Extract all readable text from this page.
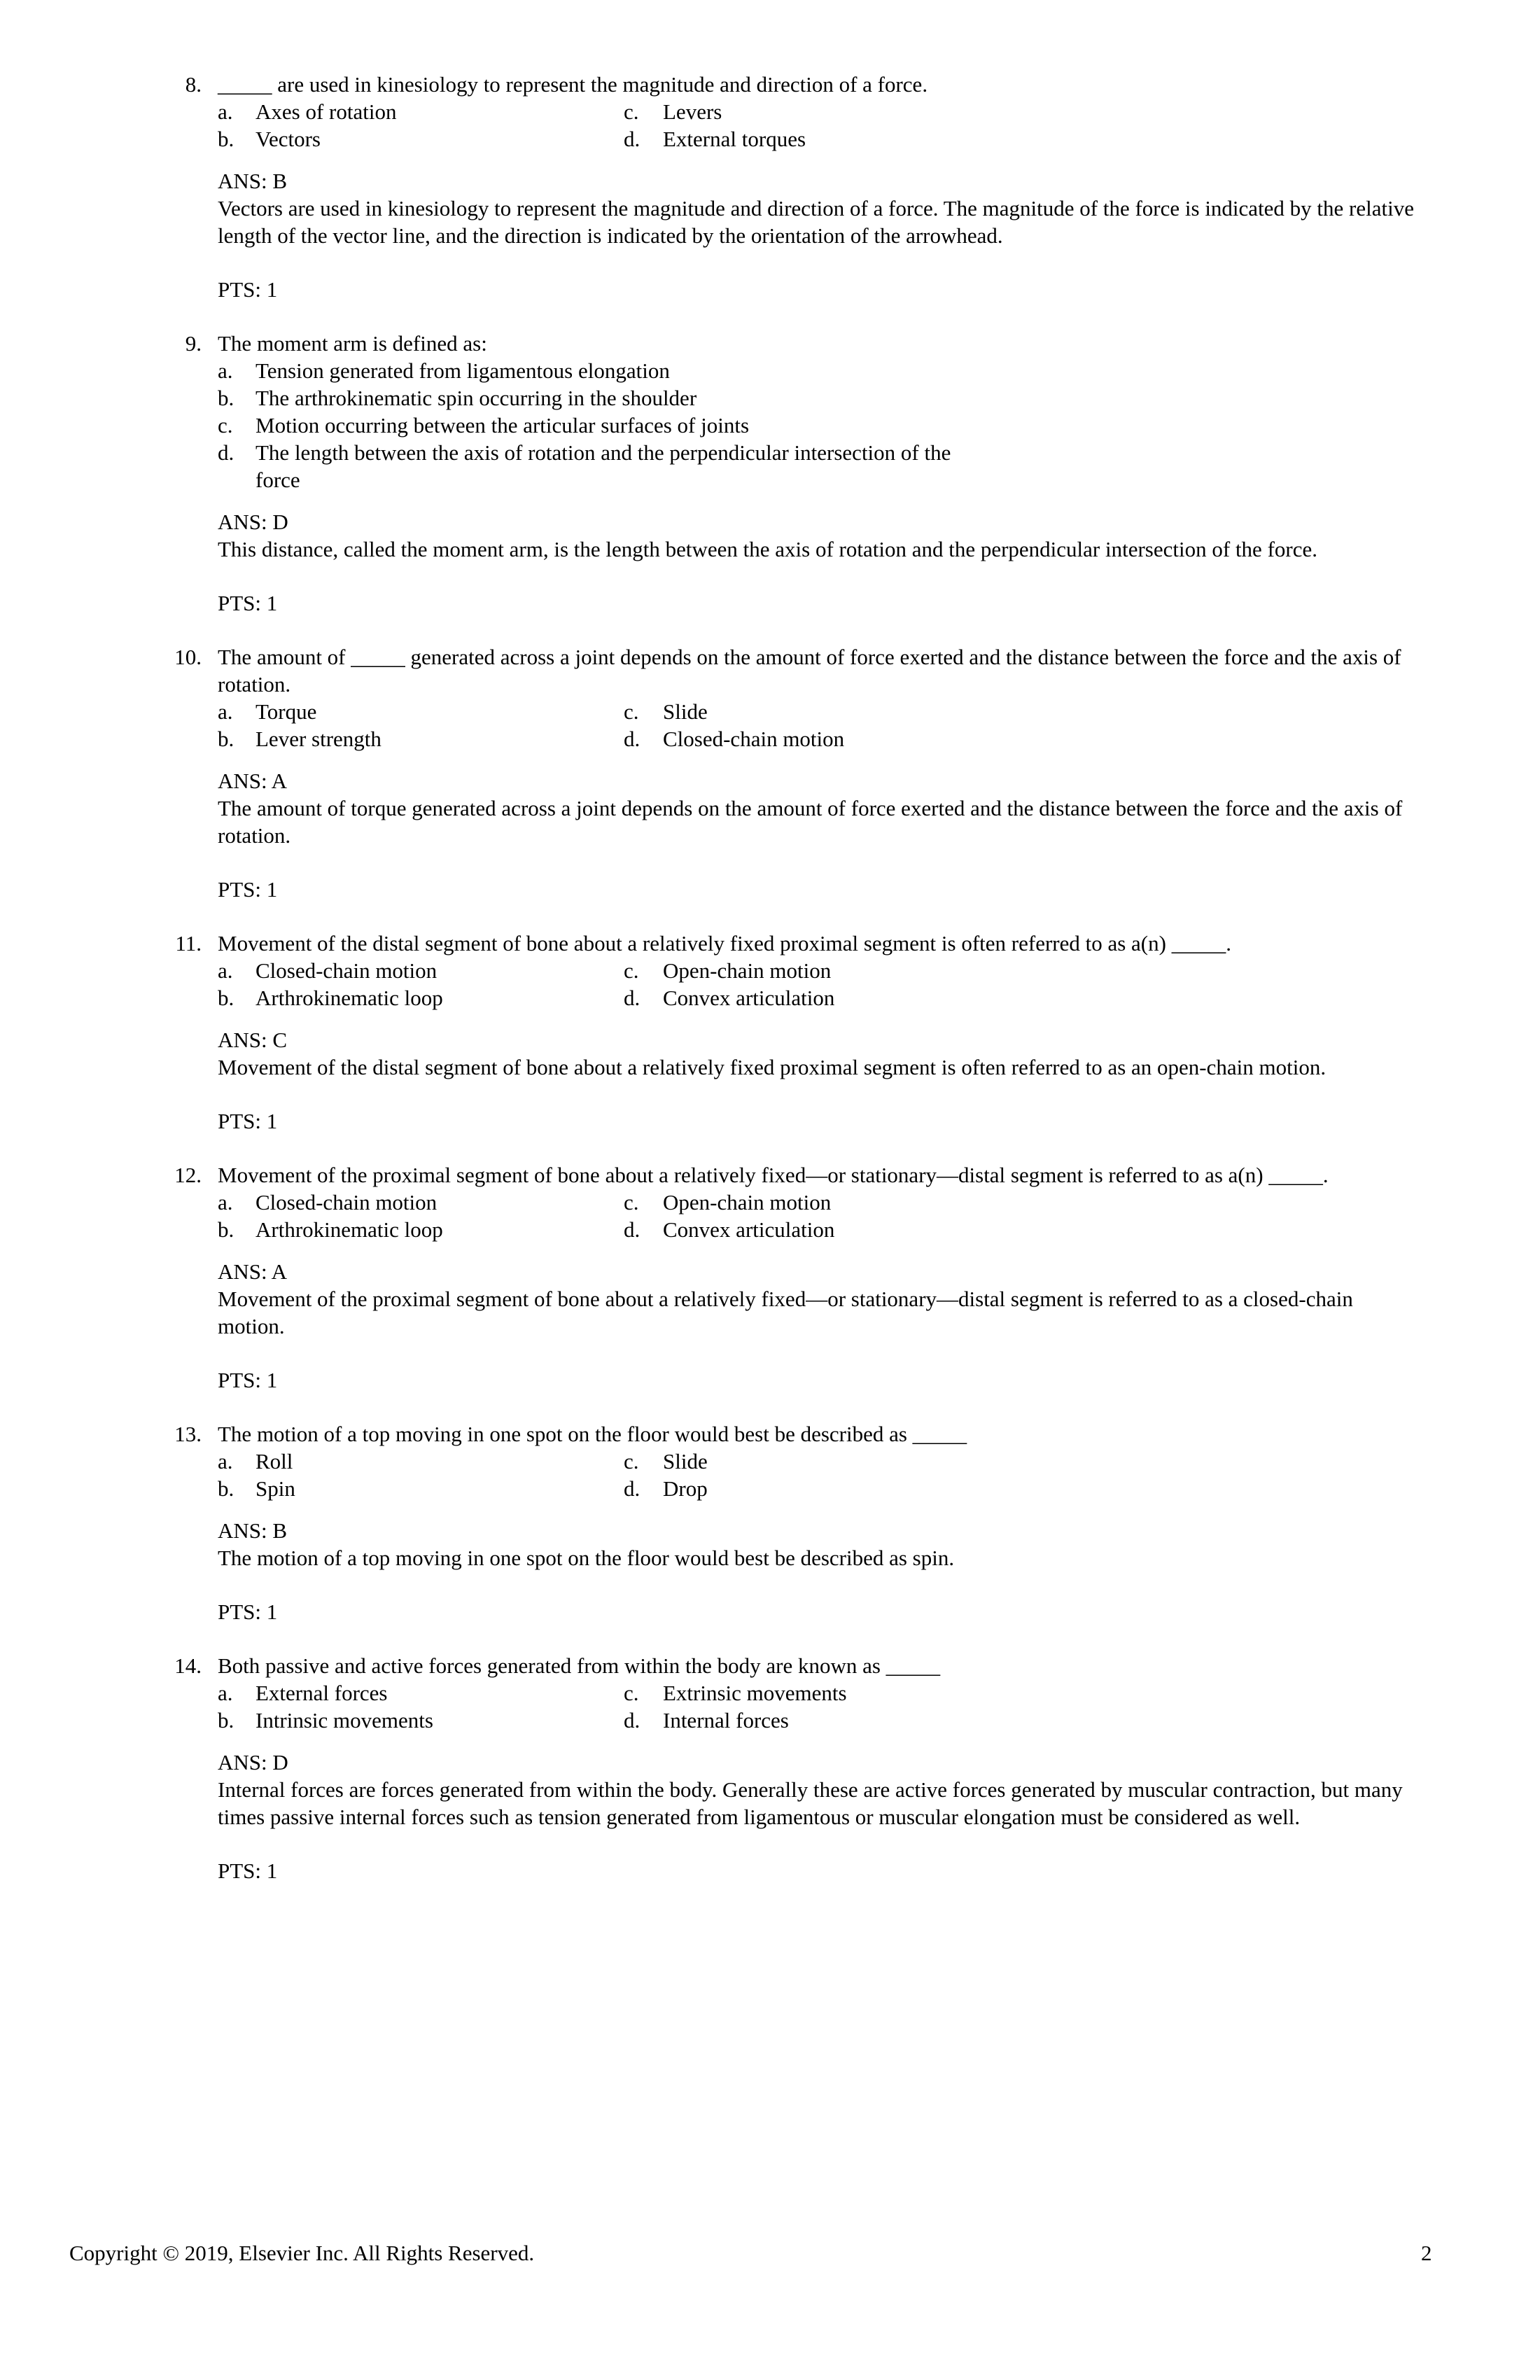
8. _____ are used in kinesiology to represent the magnitude and direction of a force.
a. Axes of rotation	c. Levers
b. Vectors	d. External torques
ANS: B
Vectors are used in kinesiology to represent the magnitude and direction of a force. The magnitude of the force is indicated by the relative length of the vector line, and the direction is indicated by the orientation of the arrowhead.
PTS: 1
9. The moment arm is defined as:
a. Tension generated from ligamentous elongation
b. The arthrokinematic spin occurring in the shoulder
c. Motion occurring between the articular surfaces of joints
d. The length between the axis of rotation and the perpendicular intersection of the force
ANS: D
This distance, called the moment arm, is the length between the axis of rotation and the perpendicular intersection of the force.
PTS: 1
10. The amount of _____ generated across a joint depends on the amount of force exerted and the distance between the force and the axis of rotation.
a. Torque	c. Slide
b. Lever strength	d. Closed-chain motion
ANS: A
The amount of torque generated across a joint depends on the amount of force exerted and the distance between the force and the axis of rotation.
PTS: 1
11. Movement of the distal segment of bone about a relatively fixed proximal segment is often referred to as a(n) _____.
a. Closed-chain motion	c. Open-chain motion
b. Arthrokinematic loop	d. Convex articulation
ANS: C
Movement of the distal segment of bone about a relatively fixed proximal segment is often referred to as an open-chain motion.
PTS: 1
12. Movement of the proximal segment of bone about a relatively fixed—or stationary—distal segment is referred to as a(n) _____.
a. Closed-chain motion	c. Open-chain motion
b. Arthrokinematic loop	d. Convex articulation
ANS: A
Movement of the proximal segment of bone about a relatively fixed—or stationary—distal segment is referred to as a closed-chain motion.
PTS: 1
13. The motion of a top moving in one spot on the floor would best be described as _____
a. Roll	c. Slide
b. Spin	d. Drop
ANS: B
The motion of a top moving in one spot on the floor would best be described as spin.
PTS: 1
14. Both passive and active forces generated from within the body are known as _____
a. External forces	c. Extrinsic movements
b. Intrinsic movements	d. Internal forces
ANS: D
Internal forces are forces generated from within the body. Generally these are active forces generated by muscular contraction, but many times passive internal forces such as tension generated from ligamentous or muscular elongation must be considered as well.
PTS: 1
Copyright © 2019, Elsevier Inc. All Rights Reserved.	2
